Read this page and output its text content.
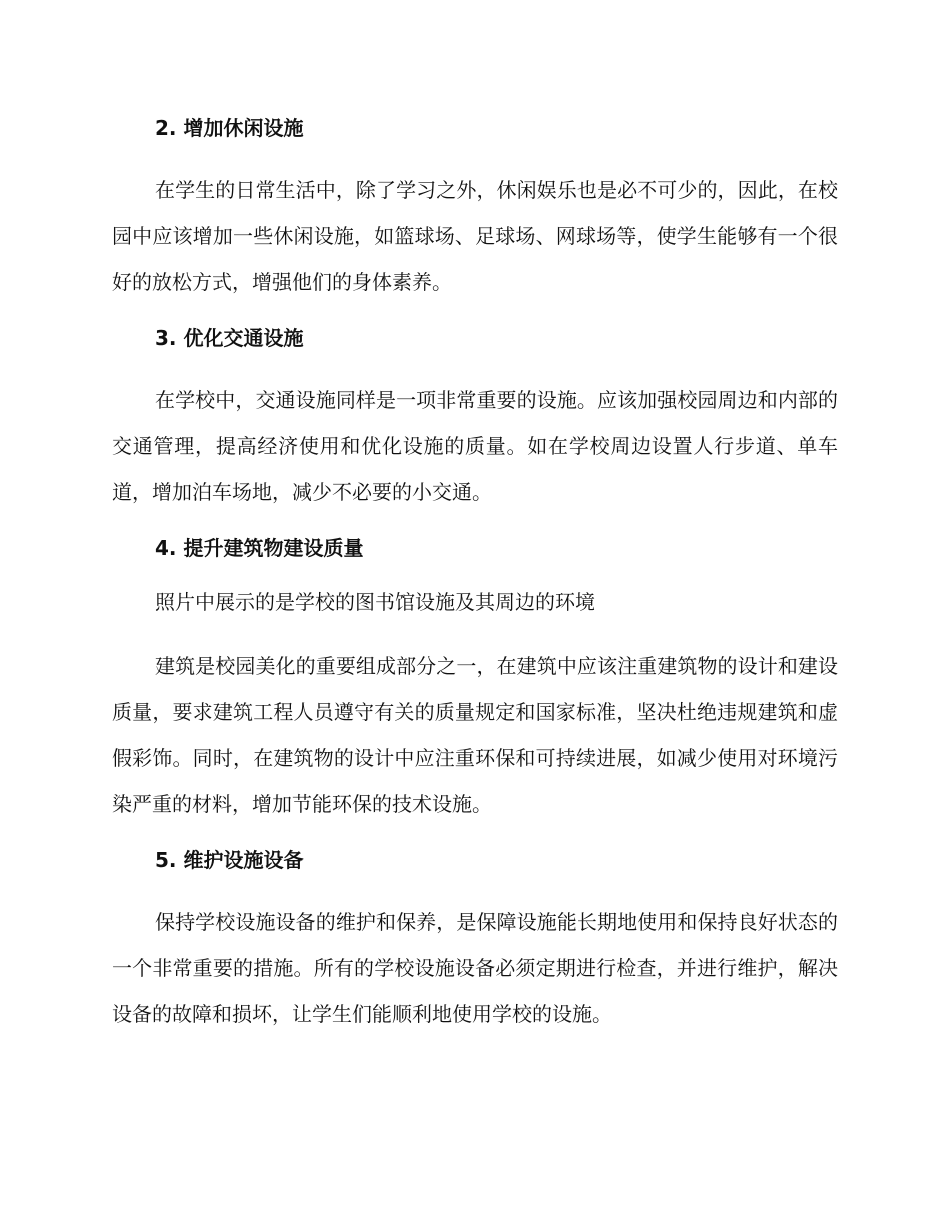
2. 增加休闲设施

在学生的日常生活中，除了学习之外，休闲娱乐也是必不可少的，因此，在校园中应该增加一些休闲设施，如篮球场、足球场、网球场等，使学生能够有一个很好的放松方式，增强他们的身体素养。

3. 优化交通设施

在学校中，交通设施同样是一项非常重要的设施。应该加强校园周边和内部的交通管理，提高经济使用和优化设施的质量。如在学校周边设置人行步道、单车道，增加泊车场地，减少不必要的小交通。

4. 提升建筑物建设质量
照片中展示的是学校的图书馆设施及其周边的环境

建筑是校园美化的重要组成部分之一，在建筑中应该注重建筑物的设计和建设质量，要求建筑工程人员遵守有关的质量规定和国家标准，坚决杜绝违规建筑和虚假彩饰。同时，在建筑物的设计中应注重环保和可持续进展，如减少使用对环境污染严重的材料，增加节能环保的技术设施。

5. 维护设施设备

保持学校设施设备的维护和保养，是保障设施能长期地使用和保持良好状态的一个非常重要的措施。所有的学校设施设备必须定期进行检查，并进行维护，解决设备的故障和损坏，让学生们能顺利地使用学校的设施。
